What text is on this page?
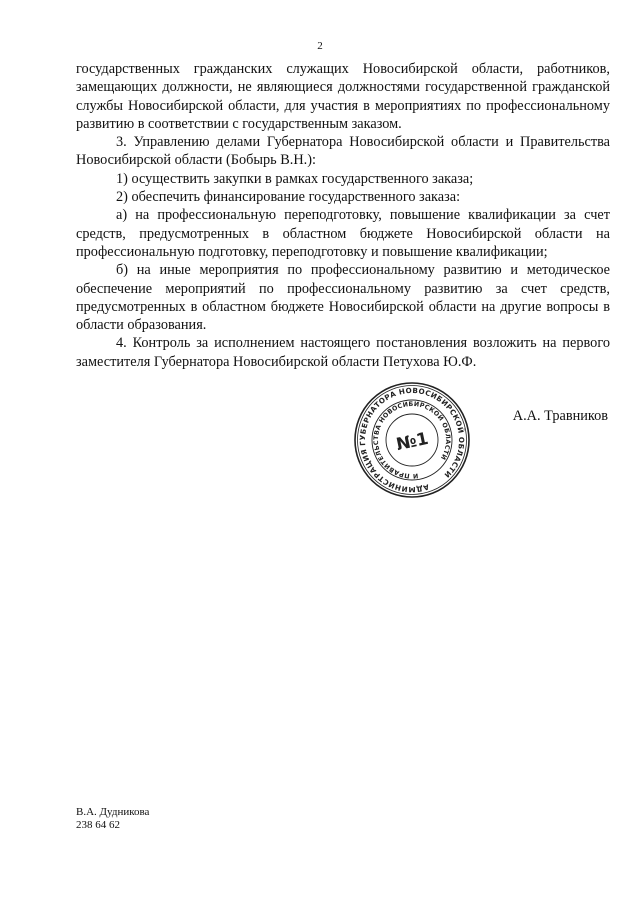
2

государственных гражданских служащих Новосибирской области, работников, замещающих должности, не являющиеся должностями государственной гражданской службы Новосибирской области, для участия в мероприятиях по профессиональному развитию в соответствии с государственным заказом.

3. Управлению делами Губернатора Новосибирской области и Правительства Новосибирской области (Бобырь В.Н.):

1) осуществить закупки в рамках государственного заказа;

2) обеспечить финансирование государственного заказа:

а) на профессиональную переподготовку, повышение квалификации за счет средств, предусмотренных в областном бюджете Новосибирской области на профессиональную подготовку, переподготовку и повышение квалификации;

б) на иные мероприятия по профессиональному развитию и методическое обеспечение мероприятий по профессиональному развитию за счет средств, предусмотренных в областном бюджете Новосибирской области на другие вопросы в области образования.

4. Контроль за исполнением настоящего постановления возложить на первого заместителя Губернатора Новосибирской области Петухова Ю.Ф.

АДМИНИСТРАЦИЯ ГУБЕРНАТОРА НОВОСИБИРСКОЙ ОБЛАСТИ
И ПРАВИТЕЛЬСТВА НОВОСИБИРСКОЙ ОБЛАСТИ
№1
А.А. Травников
В.А. Дудникова
238 64 62
